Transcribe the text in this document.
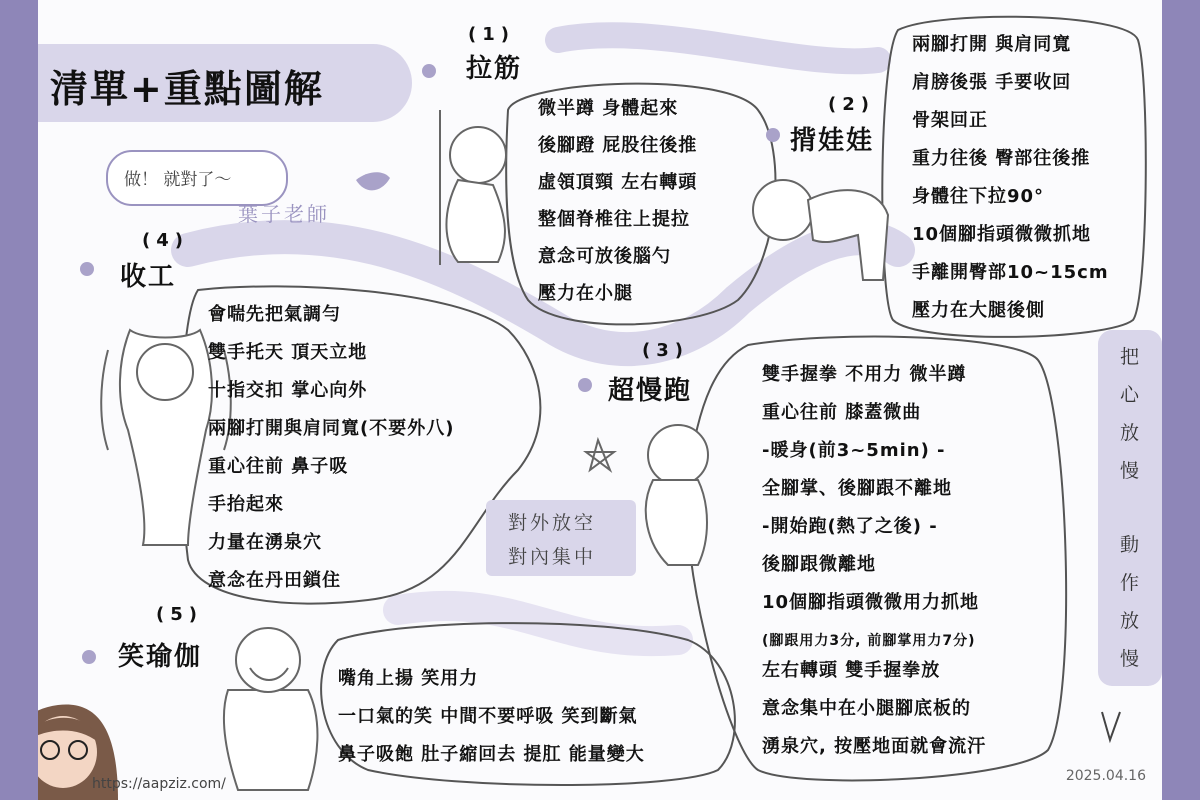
清單+重點圖解
做！ 就對了～
葉子老師
(1)
拉筋
微半蹲 身體起來
後腳蹬 屁股往後推
虛領頂頸 左右轉頭
整個脊椎往上提拉
意念可放後腦勺
壓力在小腿
(2)
揹娃娃
兩腳打開 與肩同寬
肩膀後張 手要收回
骨架回正
重力往後 臀部往後推
身體往下拉90°
10個腳指頭微微抓地
手離開臀部10~15cm
壓力在大腿後側
(4)
收工
會喘先把氣調勻
雙手托天 頂天立地
十指交扣 掌心向外
兩腳打開與肩同寬(不要外八)
重心往前 鼻子吸
手抬起來
力量在湧泉穴
意念在丹田鎖住
(3)
超慢跑
雙手握拳 不用力 微半蹲
重心往前 膝蓋微曲
-暖身(前3~5min) -
全腳掌、後腳跟不離地
-開始跑(熱了之後) -
後腳跟微離地
10個腳指頭微微用力抓地
(腳跟用力3分, 前腳掌用力7分)
左右轉頭 雙手握拳放
意念集中在小腿腳底板的
湧泉穴, 按壓地面就會流汗
對外放空
對內集中
(5)
笑瑜伽
嘴角上揚 笑用力
一口氣的笑 中間不要呼吸 笑到斷氣
鼻子吸飽 肚子縮回去 提肛 能量變大
把
心
放
慢
動
作
放
慢
https://aapziz.com/	2025.04.16
